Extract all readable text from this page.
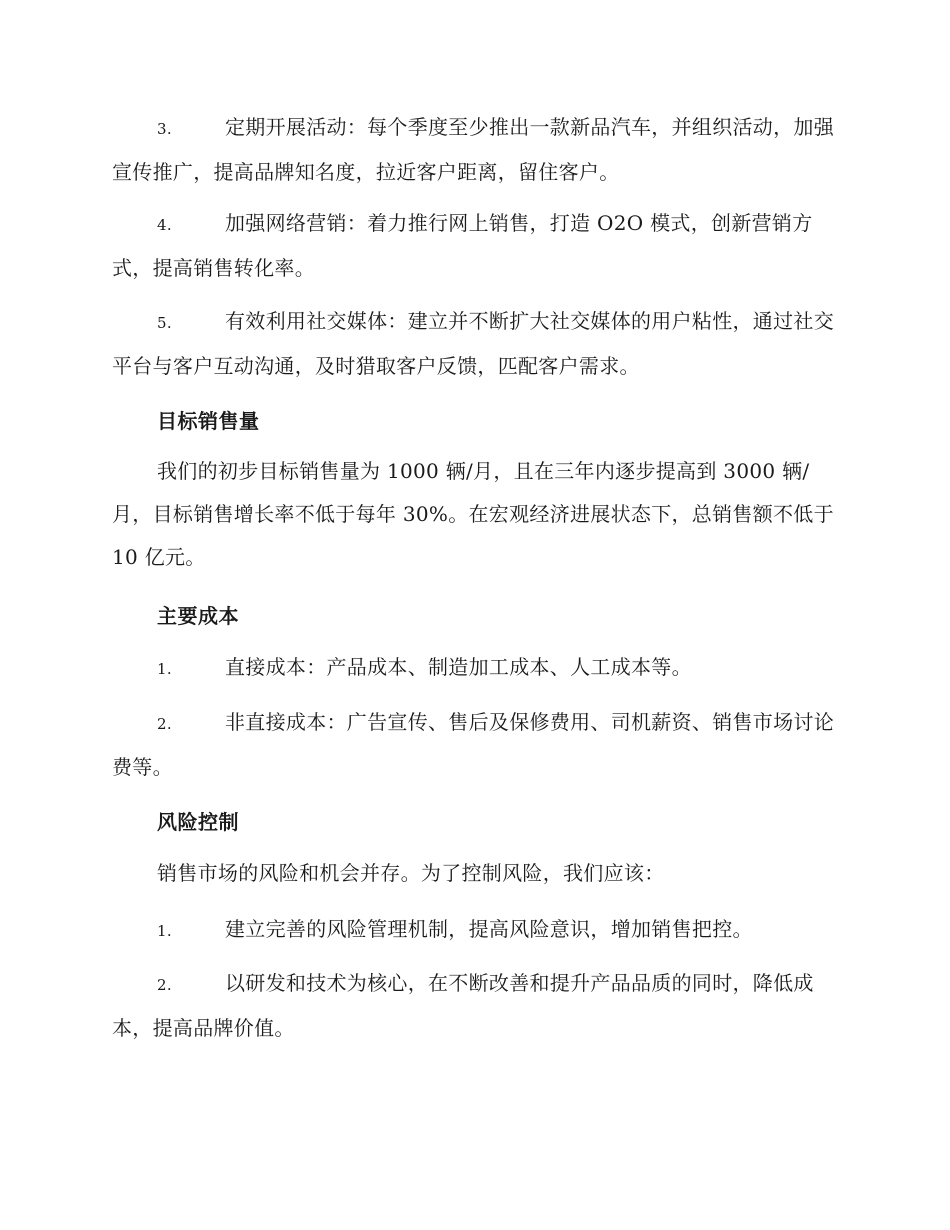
3.	定期开展活动：每个季度至少推出一款新品汽车，并组织活动，加强宣传推广，提高品牌知名度，拉近客户距离，留住客户。

4.	加强网络营销：着力推行网上销售，打造 O2O 模式，创新营销方式，提高销售转化率。

5.	有效利用社交媒体：建立并不断扩大社交媒体的用户粘性，通过社交平台与客户互动沟通，及时猎取客户反馈，匹配客户需求。

目标销售量

我们的初步目标销售量为 1000 辆/月，且在三年内逐步提高到 3000 辆/月，目标销售增长率不低于每年 30%。在宏观经济进展状态下，总销售额不低于 10 亿元。

主要成本

1.	直接成本：产品成本、制造加工成本、人工成本等。

2.	非直接成本：广告宣传、售后及保修费用、司机薪资、销售市场讨论费等。

风险控制

销售市场的风险和机会并存。为了控制风险，我们应该：

1.	建立完善的风险管理机制，提高风险意识，增加销售把控。

2.	以研发和技术为核心，在不断改善和提升产品品质的同时，降低成本，提高品牌价值。
